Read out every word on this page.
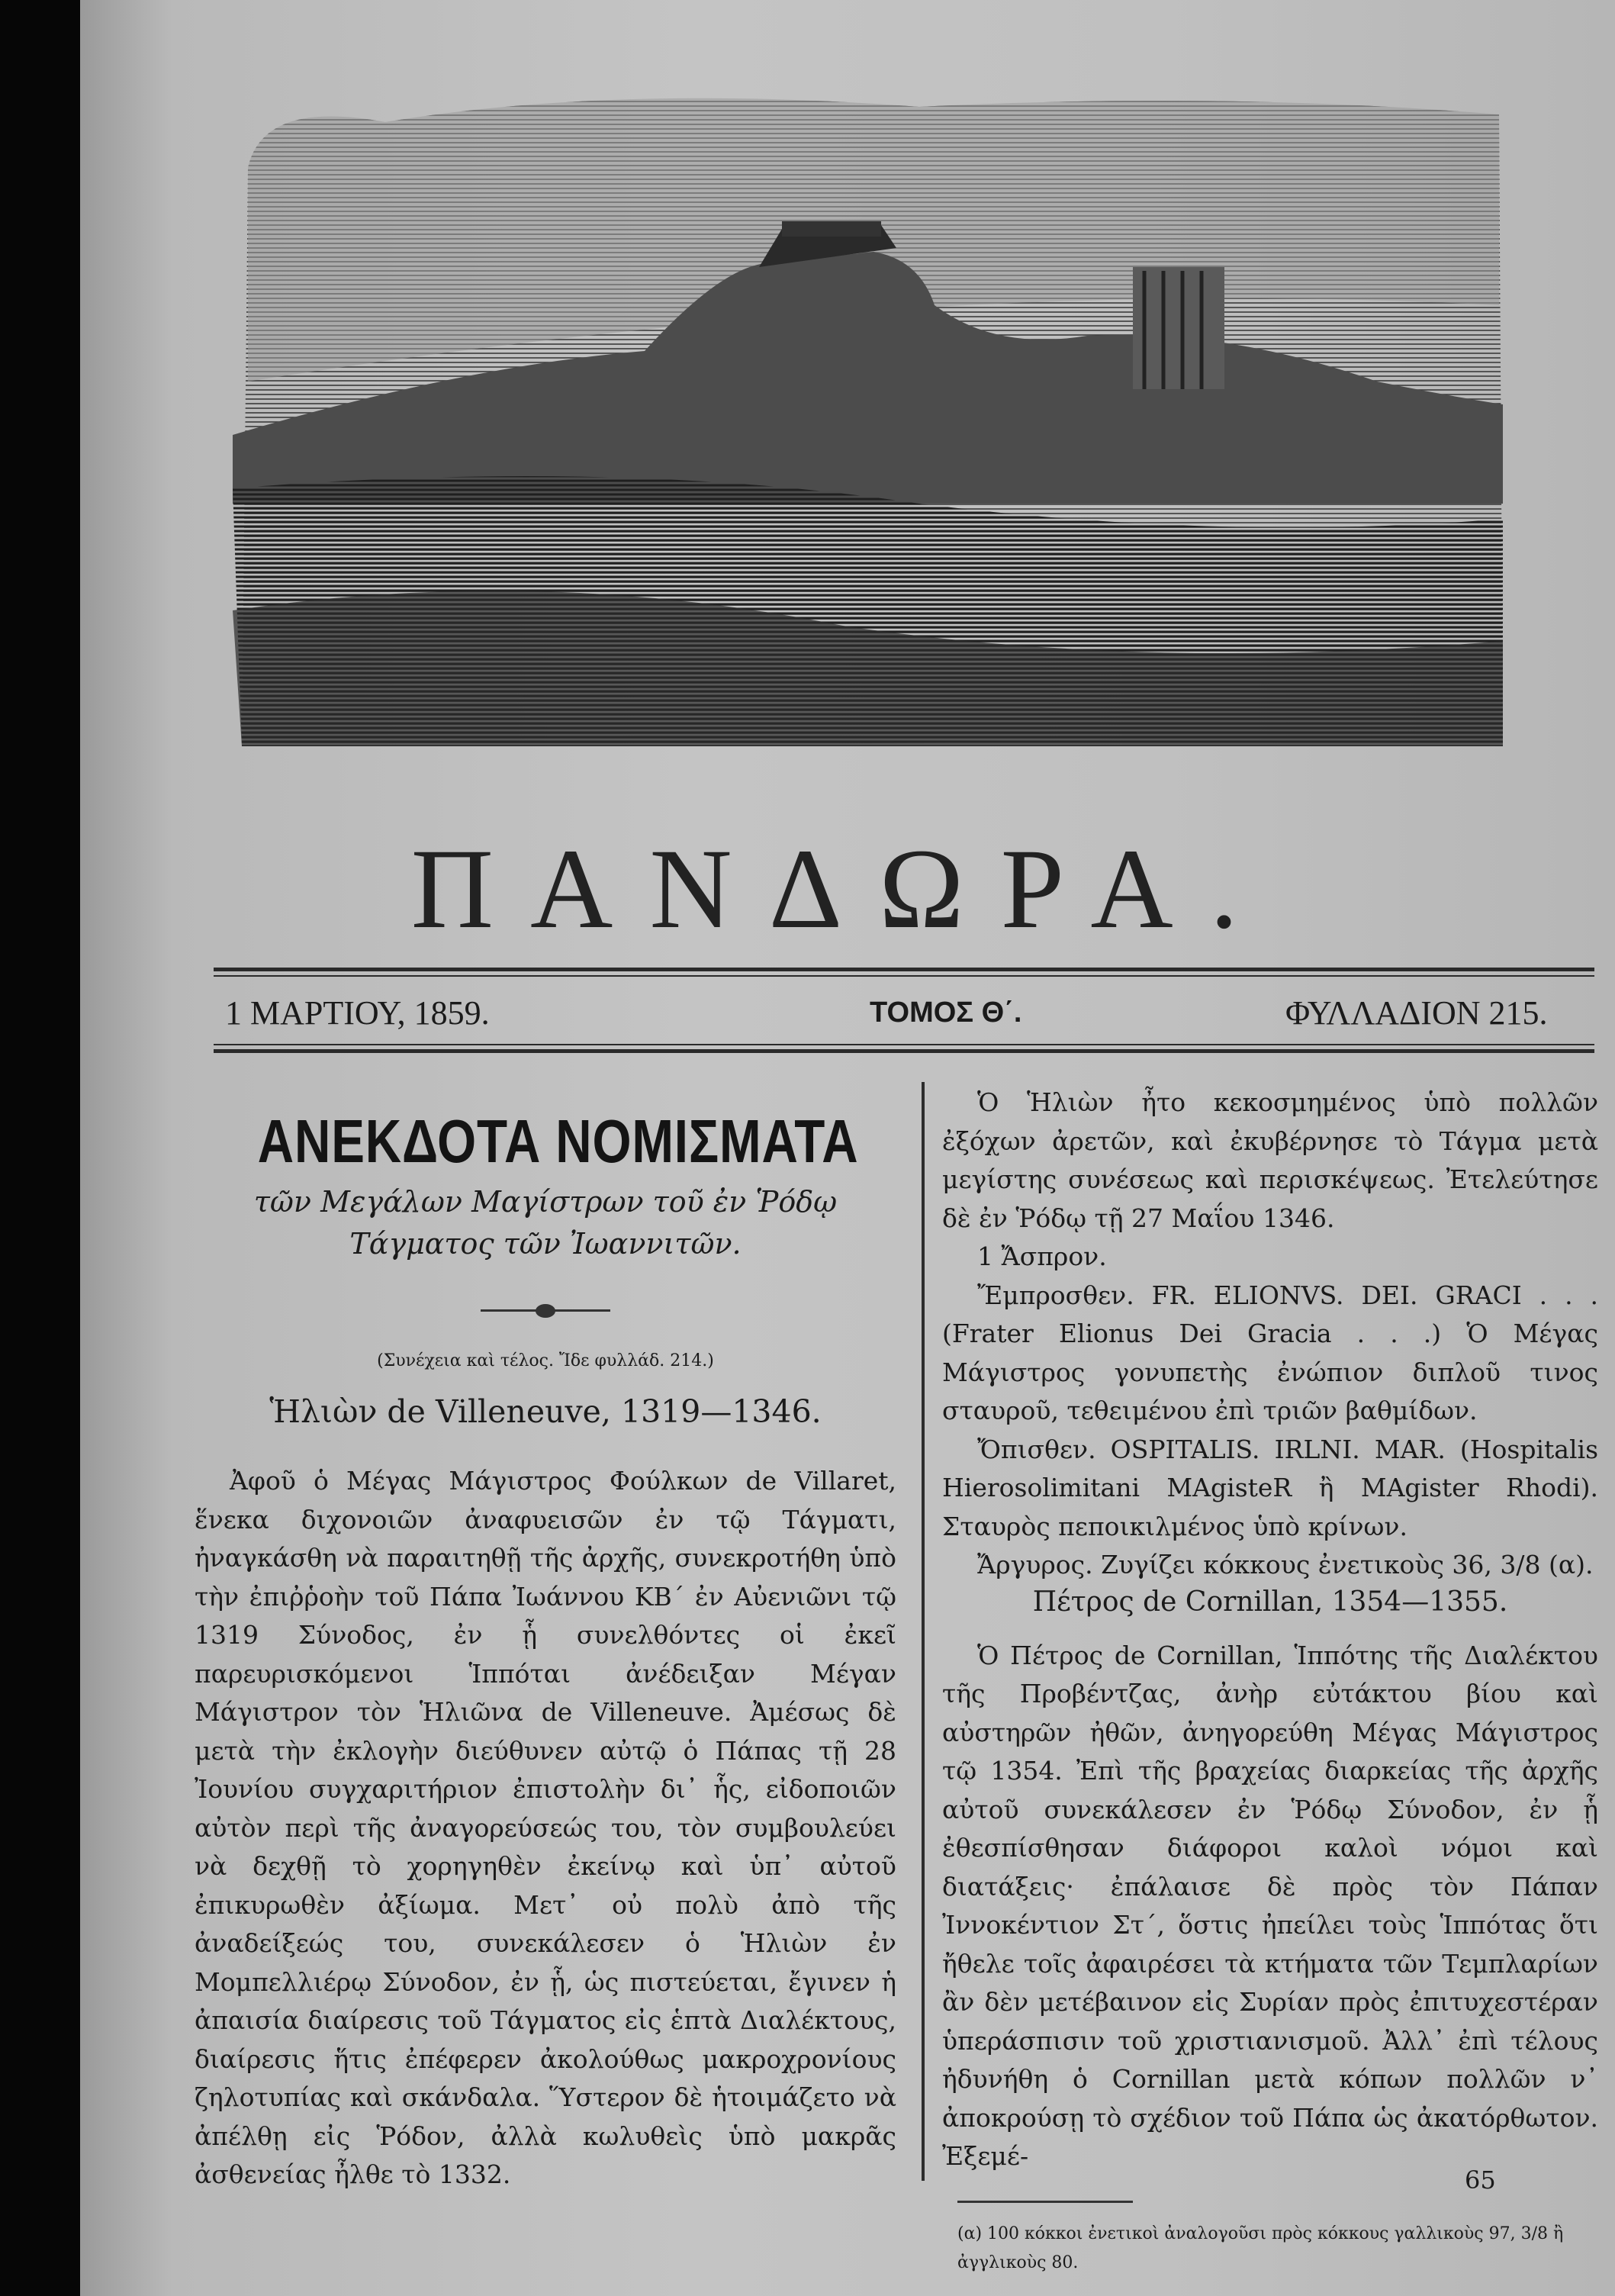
ΠΑΝΔΩΡΑ.
1 ΜΑΡΤΙΟΥ, 1859.	ΤΟΜΟΣ Θ΄.	ΦΥΛΛΑΔΙΟΝ 215.
ΑΝΕΚΔΟΤΑ ΝΟΜΙΣΜΑΤΑ
τῶν Μεγάλων Μαγίστρων τοῦ ἐν Ῥόδῳ
Τάγματος τῶν Ἰωαννιτῶν.
(Συνέχεια καὶ τέλος. Ἴδε φυλλάδ. 214.)
Ἡλιὼν de Villeneuve, 1319—1346.

Ἀφοῦ ὁ Μέγας Μάγιστρος Φούλκων de Villaret, ἕνεκα διχονοιῶν ἀναφυεισῶν ἐν τῷ Τάγματι, ἠναγκάσθη νὰ παραιτηθῇ τῆς ἀρχῆς, συνεκροτήθη ὑπὸ τὴν ἐπιῤῥοὴν τοῦ Πάπα Ἰωάννου ΚΒ΄ ἐν Αὐενιῶνι τῷ 1319 Σύνοδος, ἐν ᾗ συνελθόντες οἱ ἐκεῖ παρευρισκόμενοι Ἱππόται ἀνέδειξαν Μέγαν Μάγιστρον τὸν Ἡλιῶνα de Villeneuve. Ἀμέσως δὲ μετὰ τὴν ἐκλογὴν διεύθυνεν αὐτῷ ὁ Πάπας τῇ 28 Ἰουνίου συγχαριτήριον ἐπιστολὴν δι᾽ ἧς, εἰδοποιῶν αὐτὸν περὶ τῆς ἀναγορεύσεώς του, τὸν συμβουλεύει νὰ δεχθῇ τὸ χορηγηθὲν ἐκείνῳ καὶ ὑπ᾽ αὐτοῦ ἐπικυρωθὲν ἀξίωμα. Μετ᾽ οὐ πολὺ ἀπὸ τῆς ἀναδείξεώς του, συνεκάλεσεν ὁ Ἡλιὼν ἐν Μομπελλιέρῳ Σύνοδον, ἐν ᾗ, ὡς πιστεύεται, ἔγινεν ἡ ἀπαισία διαίρεσις τοῦ Τάγματος εἰς ἑπτὰ Διαλέκτους, διαίρεσις ἥτις ἐπέφερεν ἀκολούθως μακροχρονίους ζηλοτυπίας καὶ σκάνδαλα. Ὕστερον δὲ ἡτοιμάζετο νὰ ἀπέλθῃ εἰς Ῥόδον, ἀλλὰ κωλυθεὶς ὑπὸ μακρᾶς ἀσθενείας ἦλθε τὸ 1332.

Ὁ Ἡλιὼν ἦτο κεκοσμημένος ὑπὸ πολλῶν ἐξόχων ἀρετῶν, καὶ ἐκυβέρνησε τὸ Τάγμα μετὰ μεγίστης συνέσεως καὶ περισκέψεως. Ἐτελεύτησε δὲ ἐν Ῥόδῳ τῇ 27 Μαΐου 1346.

1 Ἄσπρον.

Ἔμπροσθεν. FR. ELIONVS. DEI. GRACI . . . (Frater Elionus Dei Gracia . . .) Ὁ Μέγας Μάγιστρος γονυπετὴς ἐνώπιον διπλοῦ τινος σταυροῦ, τεθειμένου ἐπὶ τριῶν βαθμίδων.

Ὄπισθεν. OSPITALIS. IRLNI. MAR. (Hospitalis Hierosolimitani MAgisteR ἢ MAgister Rhodi). Σταυρὸς πεποικιλμένος ὑπὸ κρίνων.

Ἄργυρος. Ζυγίζει κόκκους ἐνετικοὺς 36, 3/8 (α).

Πέτρος de Cornillan, 1354—1355.

Ὁ Πέτρος de Cornillan, Ἱππότης τῆς Διαλέκτου τῆς Προβέντζας, ἀνὴρ εὐτάκτου βίου καὶ αὐστηρῶν ἠθῶν, ἀνηγορεύθη Μέγας Μάγιστρος τῷ 1354. Ἐπὶ τῆς βραχείας διαρκείας τῆς ἀρχῆς αὐτοῦ συνεκάλεσεν ἐν Ῥόδῳ Σύνοδον, ἐν ᾗ ἐθεσπίσθησαν διάφοροι καλοὶ νόμοι καὶ διατάξεις· ἐπάλαισε δὲ πρὸς τὸν Πάπαν Ἰννοκέντιον Στ΄, ὅστις ἠπείλει τοὺς Ἱππότας ὅτι ἤθελε τοῖς ἀφαιρέσει τὰ κτήματα τῶν Τεμπλαρίων ἂν δὲν μετέβαινον εἰς Συρίαν πρὸς ἐπιτυχεστέραν ὑπεράσπισιν τοῦ χριστιανισμοῦ. Ἀλλ᾽ ἐπὶ τέλους ἠδυνήθη ὁ Cornillan μετὰ κόπων πολλῶν ν᾽ ἀποκρούσῃ τὸ σχέδιον τοῦ Πάπα ὡς ἀκατόρθωτον. Ἐξεμέ-

(α) 100 κόκκοι ἐνετικοὶ ἀναλογοῦσι πρὸς κόκκους γαλλικοὺς 97, 3/8 ἢ ἀγγλικοὺς 80.

65
